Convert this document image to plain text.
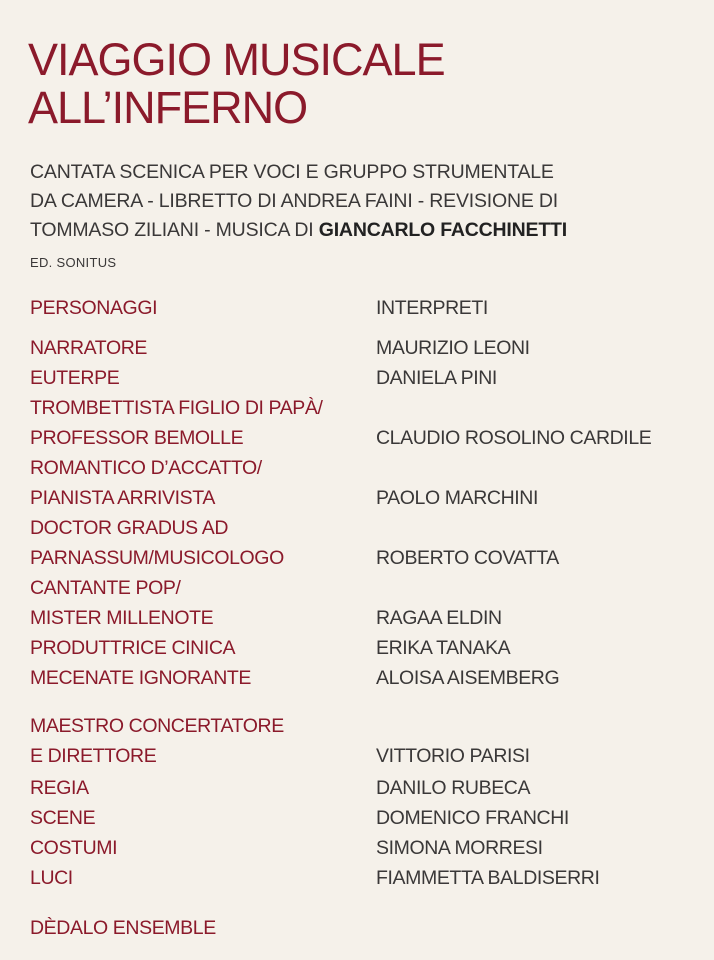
VIAGGIO MUSICALE
ALL’INFERNO
CANTATA SCENICA PER VOCI E GRUPPO STRUMENTALE
DA CAMERA - LIBRETTO DI ANDREA FAINI - REVISIONE DI
TOMMASO ZILIANI - MUSICA DI GIANCARLO FACCHINETTI
ED. SONITUS
PERSONAGGI	INTERPRETI
NARRATORE	MAURIZIO LEONI
EUTERPE	DANIELA PINI
TROMBETTISTA FIGLIO DI PAPÀ/
PROFESSOR BEMOLLE	CLAUDIO ROSOLINO CARDILE
ROMANTICO D’ACCATTO/
PIANISTA ARRIVISTA	PAOLO MARCHINI
DOCTOR GRADUS AD
PARNASSUM/MUSICOLOGO	ROBERTO COVATTA
CANTANTE POP/
MISTER MILLENOTE	RAGAA ELDIN
PRODUTTRICE CINICA	ERIKA TANAKA
MECENATE IGNORANTE	ALOISA AISEMBERG
MAESTRO CONCERTATORE
E DIRETTORE	VITTORIO PARISI
REGIA	DANILO RUBECA
SCENE	DOMENICO FRANCHI
COSTUMI	SIMONA MORRESI
LUCI	FIAMMETTA BALDISERRI
DÈDALO ENSEMBLE
